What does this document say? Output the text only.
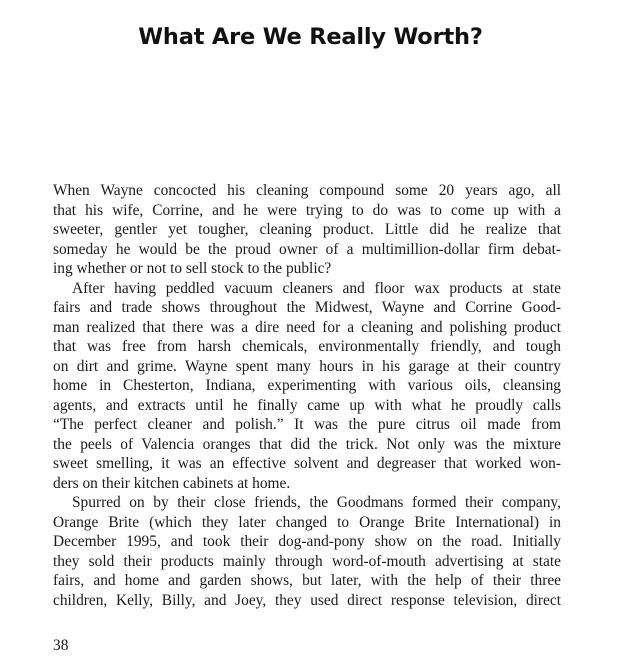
What Are We Really Worth?
When Wayne concocted his cleaning compound some 20 years ago, all
that his wife, Corrine, and he were trying to do was to come up with a
sweeter, gentler yet tougher, cleaning product. Little did he realize that
someday he would be the proud owner of a multimillion-dollar firm debat-
ing whether or not to sell stock to the public?
After having peddled vacuum cleaners and floor wax products at state
fairs and trade shows throughout the Midwest, Wayne and Corrine Good-
man realized that there was a dire need for a cleaning and polishing product
that was free from harsh chemicals, environmentally friendly, and tough
on dirt and grime. Wayne spent many hours in his garage at their country
home in Chesterton, Indiana, experimenting with various oils, cleansing
agents, and extracts until he finally came up with what he proudly calls
“The perfect cleaner and polish.” It was the pure citrus oil made from
the peels of Valencia oranges that did the trick. Not only was the mixture
sweet smelling, it was an effective solvent and degreaser that worked won-
ders on their kitchen cabinets at home.
Spurred on by their close friends, the Goodmans formed their company,
Orange Brite (which they later changed to Orange Brite International) in
December 1995, and took their dog-and-pony show on the road. Initially
they sold their products mainly through word-of-mouth advertising at state
fairs, and home and garden shows, but later, with the help of their three
children, Kelly, Billy, and Joey, they used direct response television, direct
38
